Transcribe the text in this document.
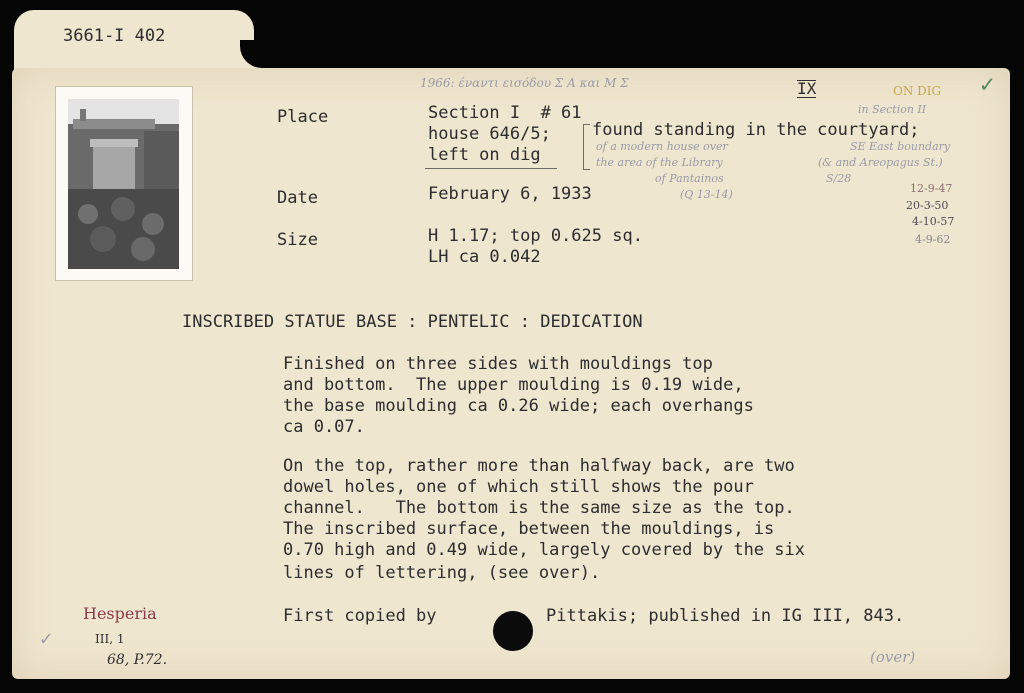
3661-I 402
1966: έναντι εισόδου Σ Α και Μ Σ	IX	ON DIG ✓
in Section II
Place	Section I  # 61
house 646/5;
left on dig
found standing in the courtyard;
of a modern house over
the area of the Library
of Pantainos
(Q 13-14)
SE East boundary
(& and Areopagus St.)
S/28
Date	February 6, 1933	12-9-47
20-3-50
4-10-57
4-9-62
Size	H 1.17; top 0.625 sq.
LH ca 0.042
INSCRIBED STATUE BASE : PENTELIC : DEDICATION
Finished on three sides with mouldings top
and bottom.  The upper moulding is 0.19 wide,
the base moulding ca 0.26 wide; each overhangs
ca 0.07.
On the top, rather more than halfway back, are two
dowel holes, one of which still shows the pour
channel.   The bottom is the same size as the top.
The inscribed surface, between the mouldings, is
0.70 high and 0.49 wide, largely covered by the six
lines of lettering, (see over).
First copied by	Pittakis; published in IG III, 843.
Hesperia
III, 1
68, P.72.
✓
(over)
